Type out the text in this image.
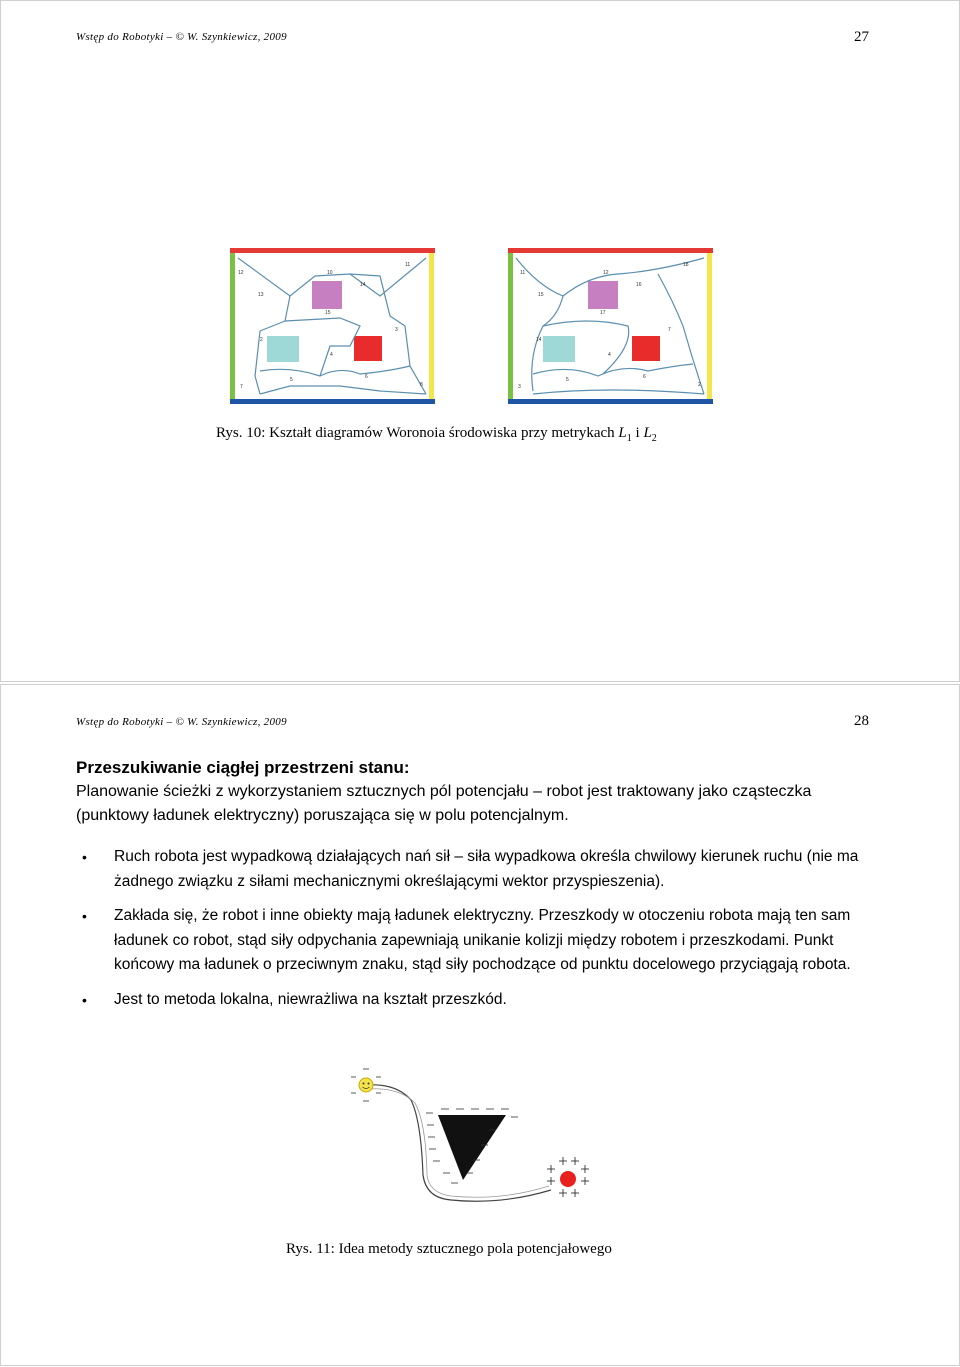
Wstęp do Robotyki – © W. Szynkiewicz, 2009	27
12	10
11
13
14
15
2
3
4
5	6
7	8
11	12
18
15
16
17
14
7
4
5	6
3	2
Rys. 10: Kształt diagramów Woronoia środowiska przy metrykach $L_1$ i $L_2$
Wstęp do Robotyki – © W. Szynkiewicz, 2009	28
Przeszukiwanie ciągłej przestrzeni stanu:
Planowanie ścieżki z wykorzystaniem sztucznych pól potencjału – robot jest traktowany jako cząsteczka (punktowy ładunek elektryczny) poruszająca się w polu potencjalnym.
• Ruch robota jest wypadkową działających nań sił – siła wypadkowa określa chwilowy kierunek ruchu (nie ma żadnego związku z siłami mechanicznymi określającymi wektor przyspieszenia).
• Zakłada się, że robot i inne obiekty mają ładunek elektryczny. Przeszkody w otoczeniu robota mają ten sam ładunek co robot, stąd siły odpychania zapewniają unikanie kolizji między robotem i przeszkodami. Punkt końcowy ma ładunek o przeciwnym znaku, stąd siły pochodzące od punktu docelowego przyciągają robota.
• Jest to metoda lokalna, niewrażliwa na kształt przeszkód.
Rys. 11: Idea metody sztucznego pola potencjałowego
